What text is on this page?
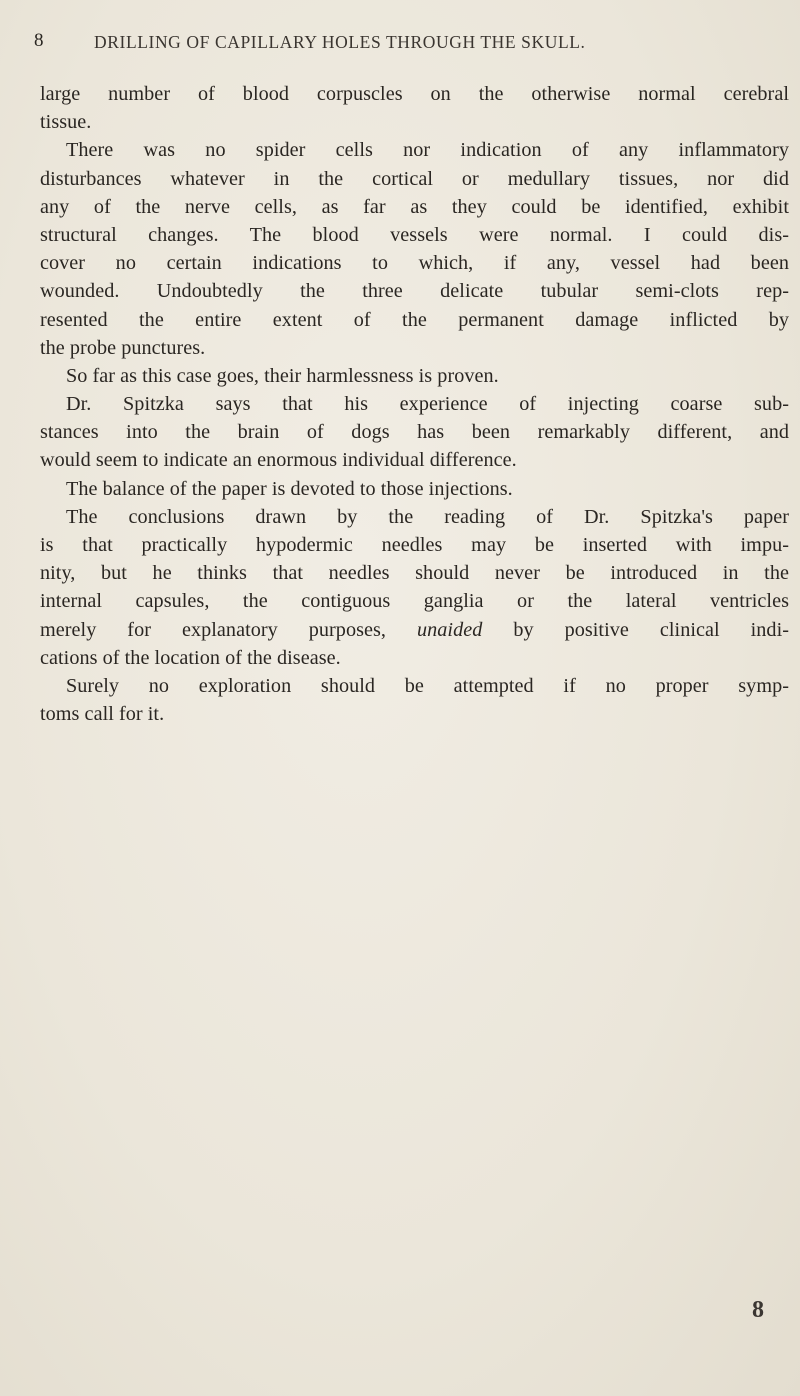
8	DRILLING OF CAPILLARY HOLES THROUGH THE SKULL.
large number of blood corpuscles on the otherwise normal cerebral
tissue.
There was no spider cells nor indication of any inflammatory
disturbances whatever in the cortical or medullary tissues, nor did
any of the nerve cells, as far as they could be identified, exhibit
structural changes. The blood vessels were normal. I could dis-
cover no certain indications to which, if any, vessel had been
wounded. Undoubtedly the three delicate tubular semi-clots rep-
resented the entire extent of the permanent damage inflicted by
the probe punctures.
So far as this case goes, their harmlessness is proven.
Dr. Spitzka says that his experience of injecting coarse sub-
stances into the brain of dogs has been remarkably different, and
would seem to indicate an enormous individual difference.
The balance of the paper is devoted to those injections.
The conclusions drawn by the reading of Dr. Spitzka's paper
is that practically hypodermic needles may be inserted with impu-
nity, but he thinks that needles should never be introduced in the
internal capsules, the contiguous ganglia or the lateral ventricles
merely for explanatory purposes, unaided by positive clinical indi-
cations of the location of the disease.
Surely no exploration should be attempted if no proper symp-
toms call for it.
8
